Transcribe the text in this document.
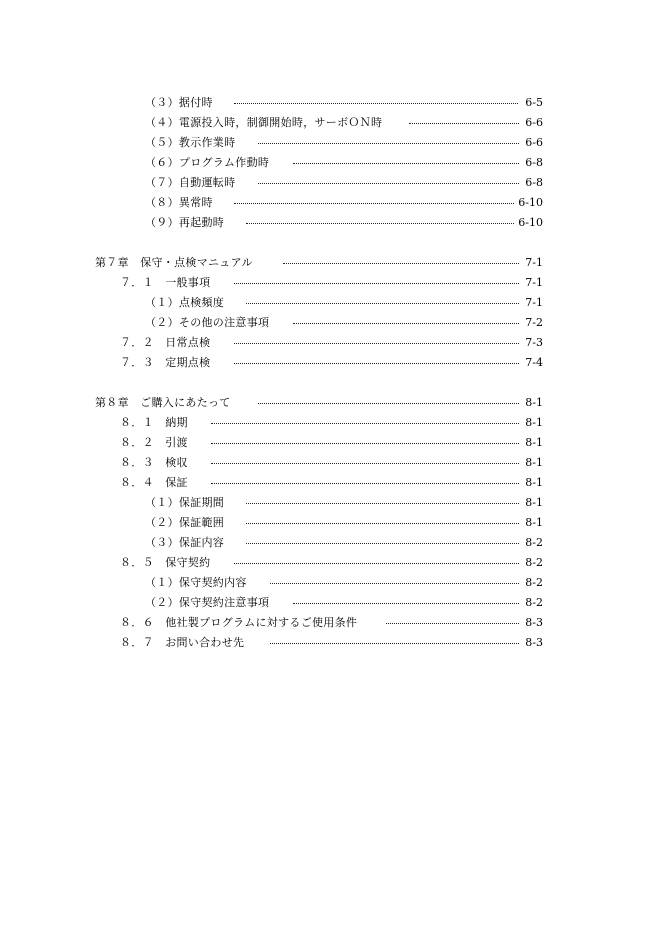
（３）据付時	6-5
（４）電源投入時，制御開始時，サーボＯＮ時	6-6
（５）教示作業時	6-6
（６）プログラム作動時	6-8
（７）自動運転時	6-8
（８）異常時	6-10
（９）再起動時	6-10
第７章　保守・点検マニュアル	7-1
７．１　一般事項	7-1
（１）点検頻度	7-1
（２）その他の注意事項	7-2
７．２　日常点検	7-3
７．３　定期点検	7-4
第８章　ご購入にあたって	8-1
８．１　納期	8-1
８．２　引渡	8-1
８．３　検収	8-1
８．４　保証	8-1
（１）保証期間	8-1
（２）保証範囲	8-1
（３）保証内容	8-2
８．５　保守契約	8-2
（１）保守契約内容	8-2
（２）保守契約注意事項	8-2
８．６　他社製プログラムに対するご使用条件	8-3
８．７　お問い合わせ先	8-3
